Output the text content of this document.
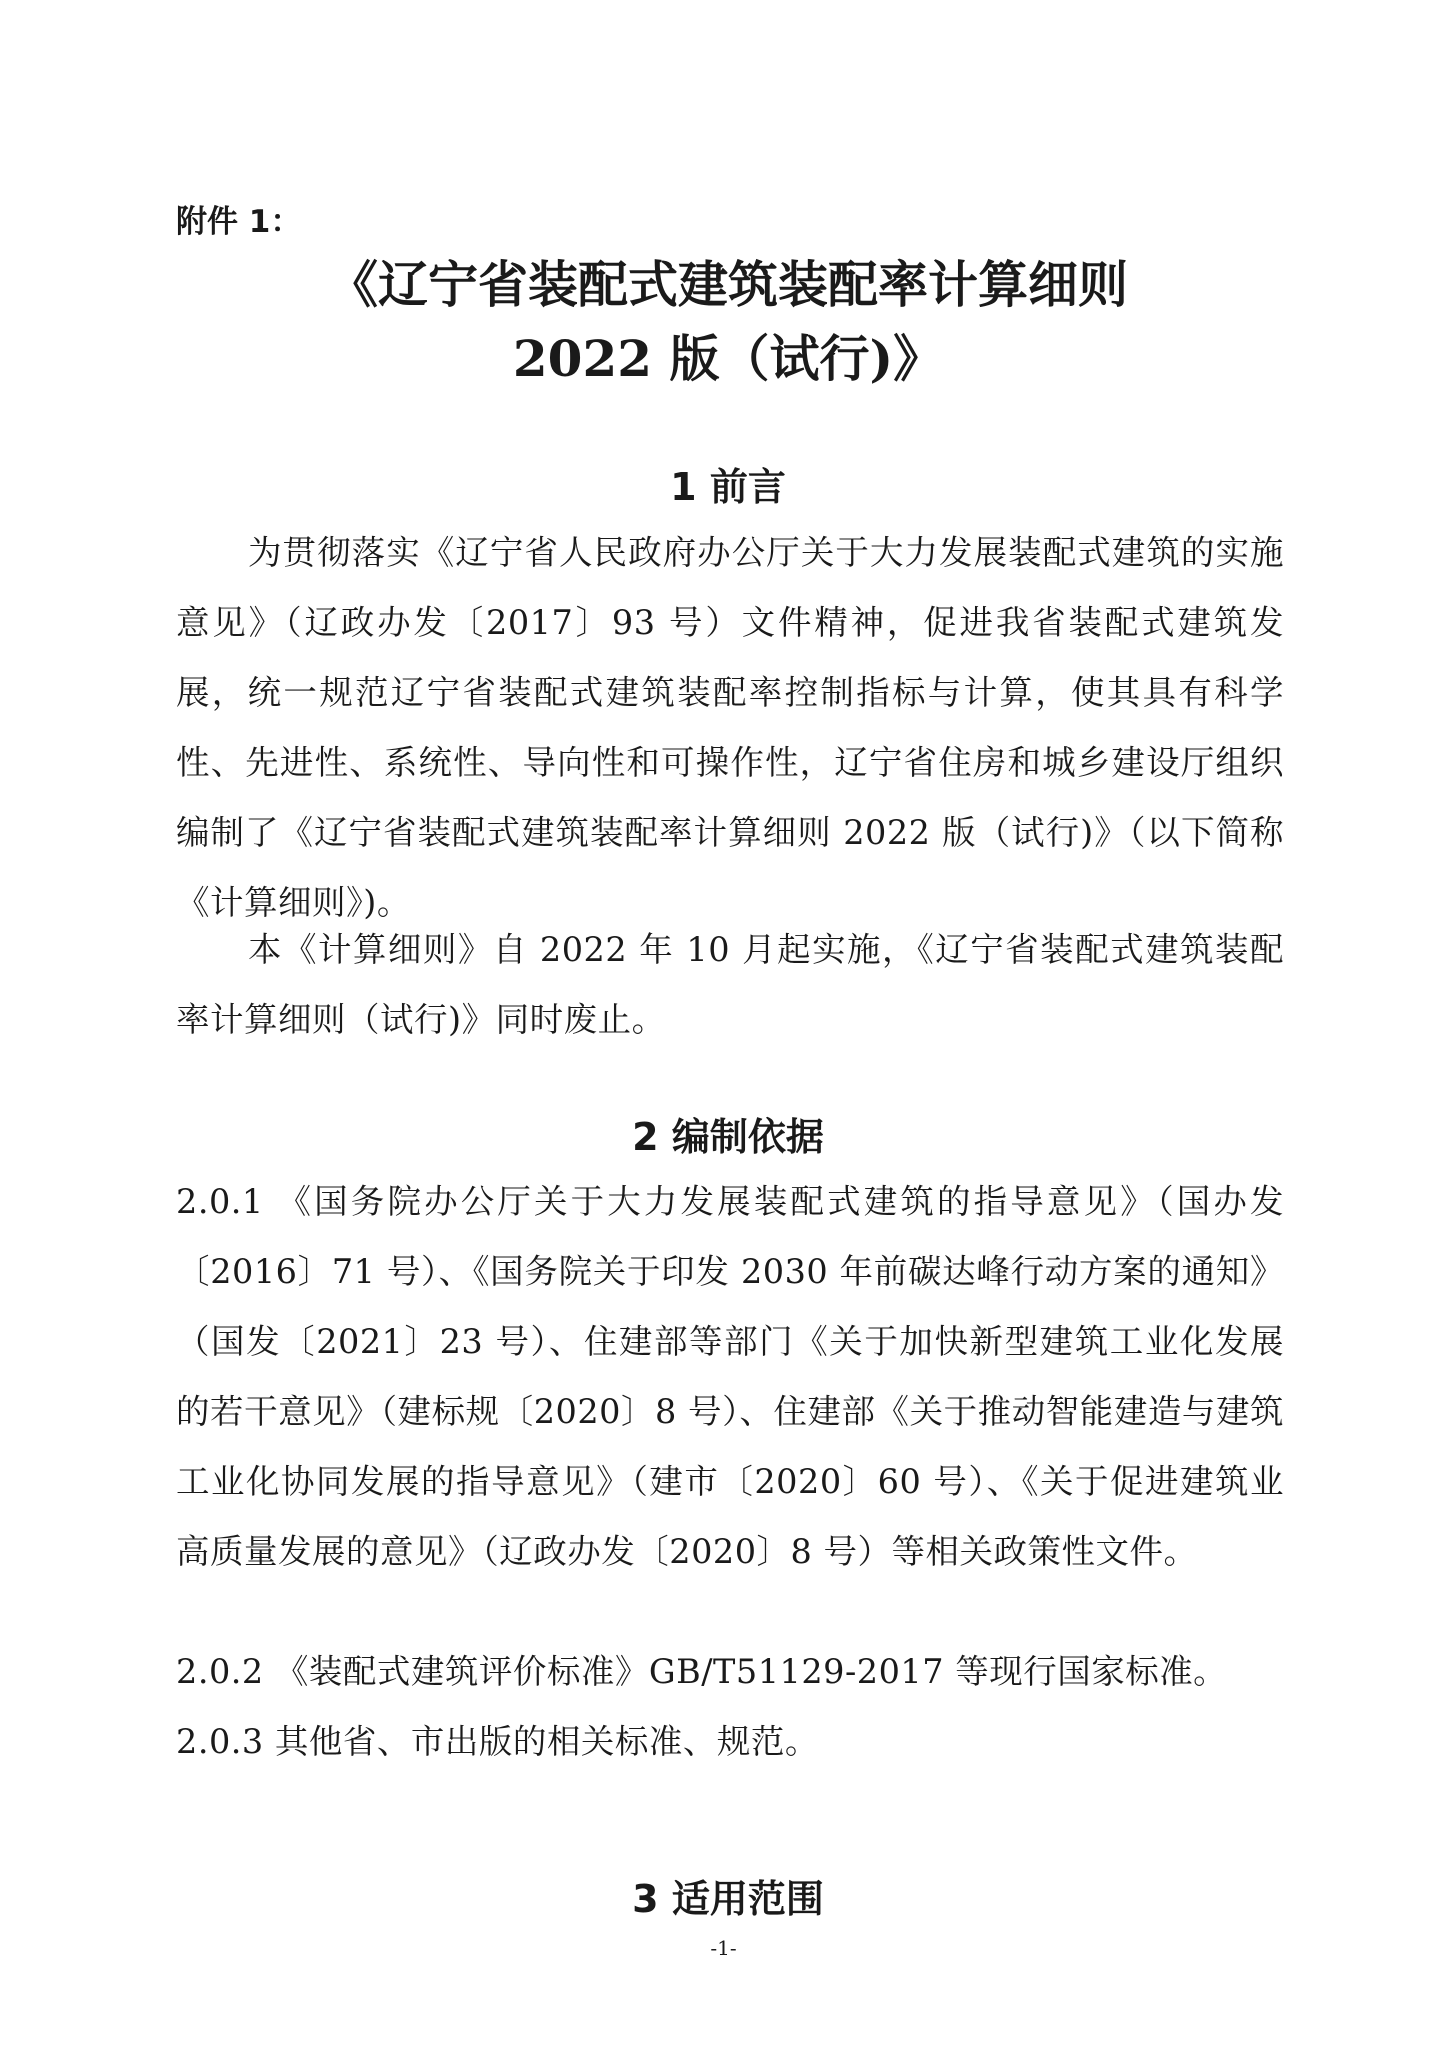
附件 1：

《辽宁省装配式建筑装配率计算细则
2022 版（试行)》
1 前言

为贯彻落实《辽宁省人民政府办公厅关于大力发展装配式建筑的实施意见》（辽政办发〔2017〕93 号）文件精神，促进我省装配式建筑发展，统一规范辽宁省装配式建筑装配率控制指标与计算，使其具有科学性、先进性、系统性、导向性和可操作性，辽宁省住房和城乡建设厅组织编制了《辽宁省装配式建筑装配率计算细则 2022 版（试行)》（以下简称《计算细则》)。

本《计算细则》自 2022 年 10 月起实施，《辽宁省装配式建筑装配率计算细则（试行)》同时废止。

2 编制依据

2.0.1 《国务院办公厅关于大力发展装配式建筑的指导意见》（国办发〔2016〕71 号）、《国务院关于印发 2030 年前碳达峰行动方案的通知》（国发〔2021〕23 号）、住建部等部门《关于加快新型建筑工业化发展的若干意见》（建标规〔2020〕8 号）、住建部《关于推动智能建造与建筑工业化协同发展的指导意见》（建市〔2020〕60 号）、《关于促进建筑业高质量发展的意见》（辽政办发〔2020〕8 号）等相关政策性文件。

2.0.2 《装配式建筑评价标准》GB/T51129-2017 等现行国家标准。

2.0.3 其他省、市出版的相关标准、规范。

3 适用范围

-1-
